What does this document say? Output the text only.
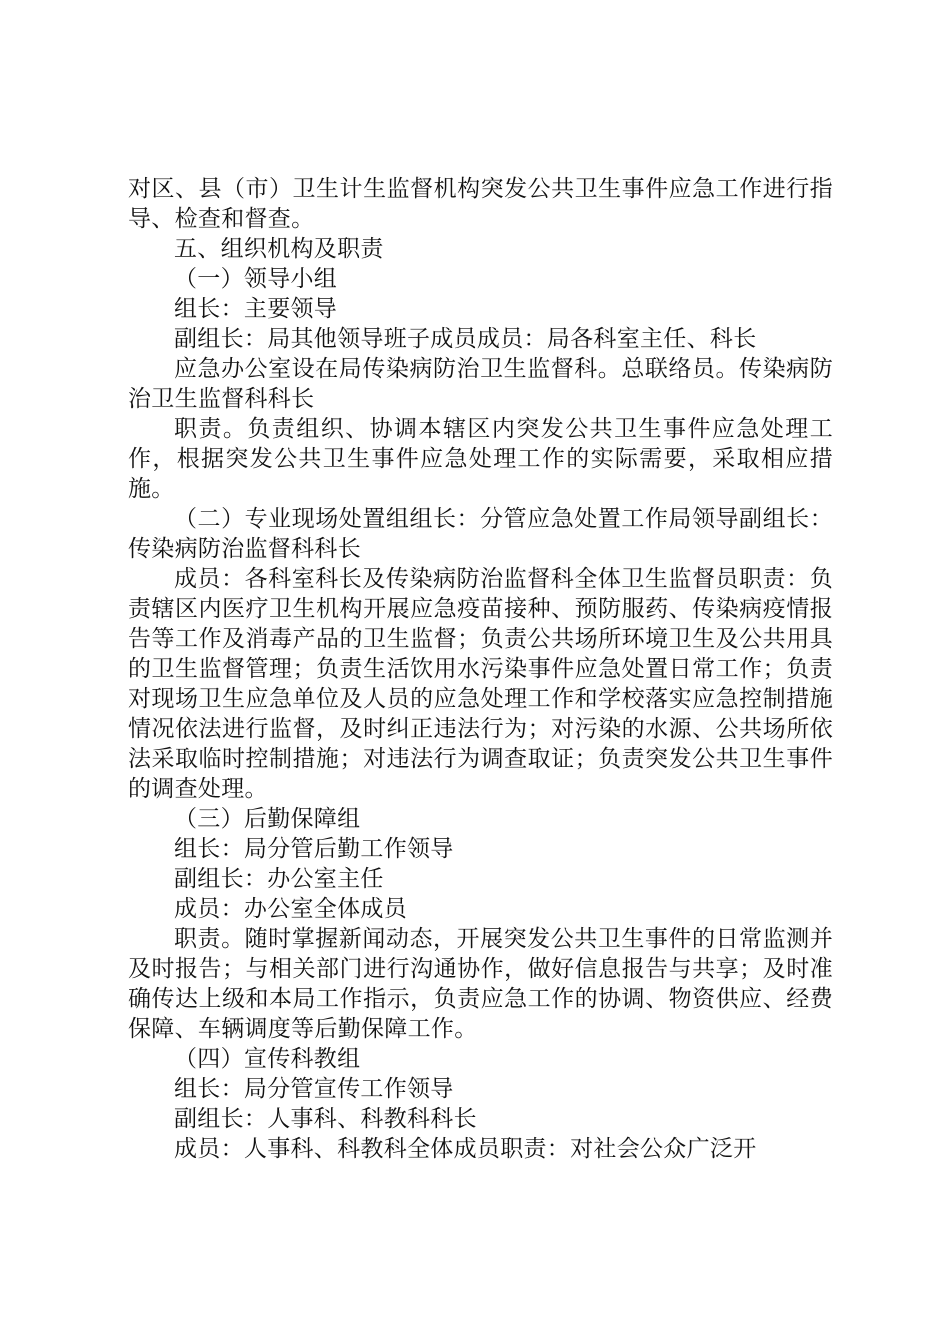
对区、县（市）卫生计生监督机构突发公共卫生事件应急工作进行指导、检查和督查。

五、组织机构及职责

（一）领导小组

组长：主要领导

副组长：局其他领导班子成员成员：局各科室主任、科长

应急办公室设在局传染病防治卫生监督科。总联络员。传染病防治卫生监督科科长

职责。负责组织、协调本辖区内突发公共卫生事件应急处理工作，根据突发公共卫生事件应急处理工作的实际需要，采取相应措施。

（二）专业现场处置组组长：分管应急处置工作局领导副组长：传染病防治监督科科长

成员：各科室科长及传染病防治监督科全体卫生监督员职责：负责辖区内医疗卫生机构开展应急疫苗接种、预防服药、传染病疫情报告等工作及消毒产品的卫生监督；负责公共场所环境卫生及公共用具的卫生监督管理；负责生活饮用水污染事件应急处置日常工作；负责对现场卫生应急单位及人员的应急处理工作和学校落实应急控制措施情况依法进行监督，及时纠正违法行为；对污染的水源、公共场所依法采取临时控制措施；对违法行为调查取证；负责突发公共卫生事件的调查处理。

（三）后勤保障组

组长：局分管后勤工作领导

副组长：办公室主任

成员：办公室全体成员

职责。随时掌握新闻动态，开展突发公共卫生事件的日常监测并及时报告；与相关部门进行沟通协作，做好信息报告与共享；及时准确传达上级和本局工作指示，负责应急工作的协调、物资供应、经费保障、车辆调度等后勤保障工作。

（四）宣传科教组

组长：局分管宣传工作领导

副组长：人事科、科教科科长

成员：人事科、科教科全体成员职责：对社会公众广泛开
